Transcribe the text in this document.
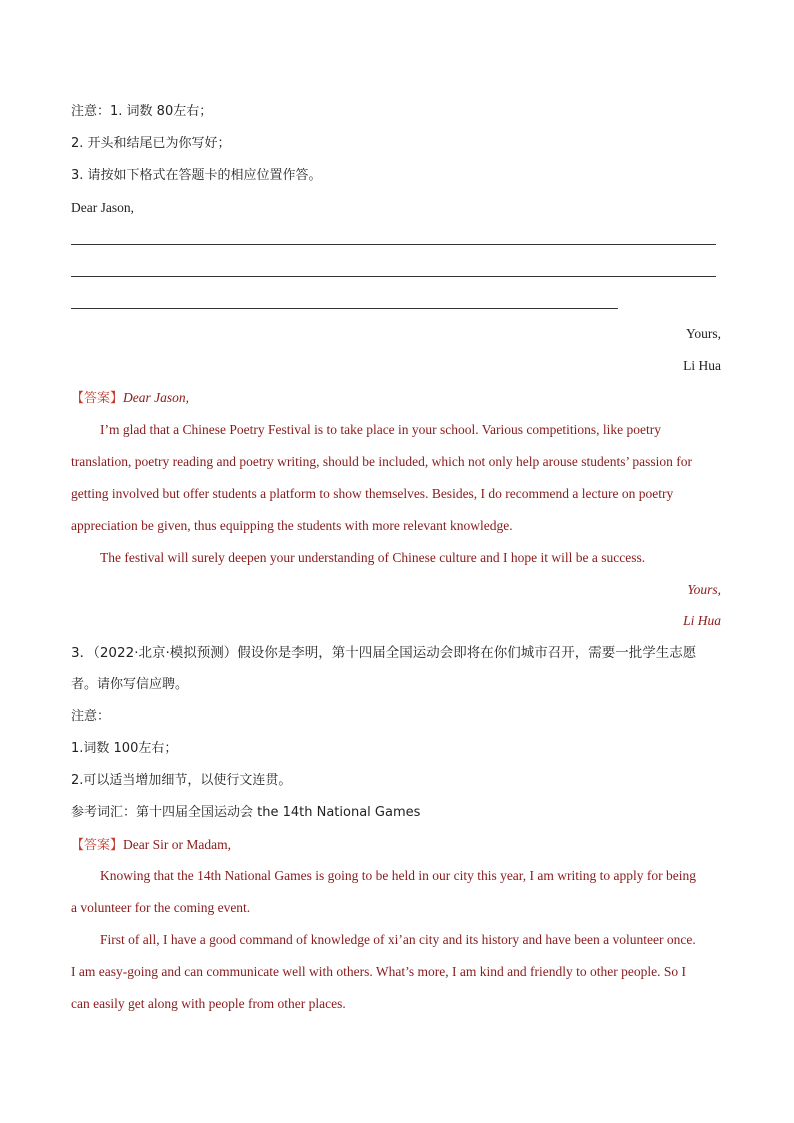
注意：1. 词数 80左右；
2. 开头和结尾已为你写好；
3. 请按如下格式在答题卡的相应位置作答。
Dear Jason,
Yours,
Li Hua
【答案】Dear Jason,
I’m glad that a Chinese Poetry Festival is to take place in your school. Various competitions, like poetry
translation, poetry reading and poetry writing, should be included, which not only help arouse students’ passion for
getting involved but offer students a platform to show themselves. Besides, I do recommend a lecture on poetry
appreciation be given, thus equipping the students with more relevant knowledge.
The festival will surely deepen your understanding of Chinese culture and I hope it will be a success.
Yours,
Li Hua
3．（2022·北京·模拟预测）假设你是李明，第十四届全国运动会即将在你们城市召开，需要一批学生志愿
者。请你写信应聘。
注意：
1.词数 100左右；
2.可以适当增加细节，以使行文连贯。
参考词汇：第十四届全国运动会 the 14th National Games
【答案】Dear Sir or Madam,
Knowing that the 14th National Games is going to be held in our city this year, I am writing to apply for being
a volunteer for the coming event.
First of all, I have a good command of knowledge of xi’an city and its history and have been a volunteer once.
I am easy-going and can communicate well with others. What’s more, I am kind and friendly to other people. So I
can easily get along with people from other places.
